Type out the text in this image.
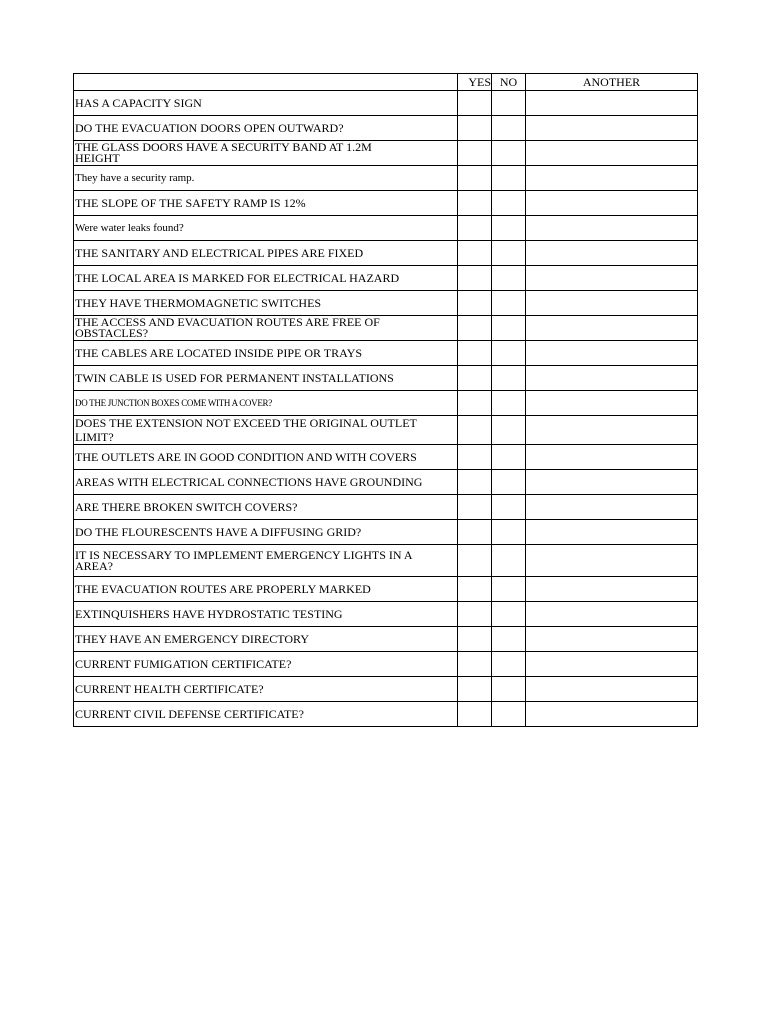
	YES	NO	ANOTHER

HAS A CAPACITY SIGN			

DO THE EVACUATION DOORS OPEN OUTWARD?			

THE GLASS DOORS HAVE A SECURITY BAND AT 1.2M
HEIGHT			

They have a security ramp.			

THE SLOPE OF THE SAFETY RAMP IS 12%			

Were water leaks found?			

THE SANITARY AND ELECTRICAL PIPES ARE FIXED			

THE LOCAL AREA IS MARKED FOR ELECTRICAL HAZARD			

THEY HAVE THERMOMAGNETIC SWITCHES			

THE ACCESS AND EVACUATION ROUTES ARE FREE OF
OBSTACLES?			

THE CABLES ARE LOCATED INSIDE PIPE OR TRAYS			

TWIN CABLE IS USED FOR PERMANENT INSTALLATIONS			

DO THE JUNCTION BOXES COME WITH A COVER?			

DOES THE EXTENSION NOT EXCEED THE ORIGINAL OUTLET LIMIT?			

THE OUTLETS ARE IN GOOD CONDITION AND WITH COVERS			

AREAS WITH ELECTRICAL CONNECTIONS HAVE GROUNDING			

ARE THERE BROKEN SWITCH COVERS?			

DO THE FLOURESCENTS HAVE A DIFFUSING GRID?			

IT IS NECESSARY TO IMPLEMENT EMERGENCY LIGHTS IN A
AREA?			

THE EVACUATION ROUTES ARE PROPERLY MARKED			

EXTINQUISHERS HAVE HYDROSTATIC TESTING			

THEY HAVE AN EMERGENCY DIRECTORY			

CURRENT FUMIGATION CERTIFICATE?			

CURRENT HEALTH CERTIFICATE?			

CURRENT CIVIL DEFENSE CERTIFICATE?			
